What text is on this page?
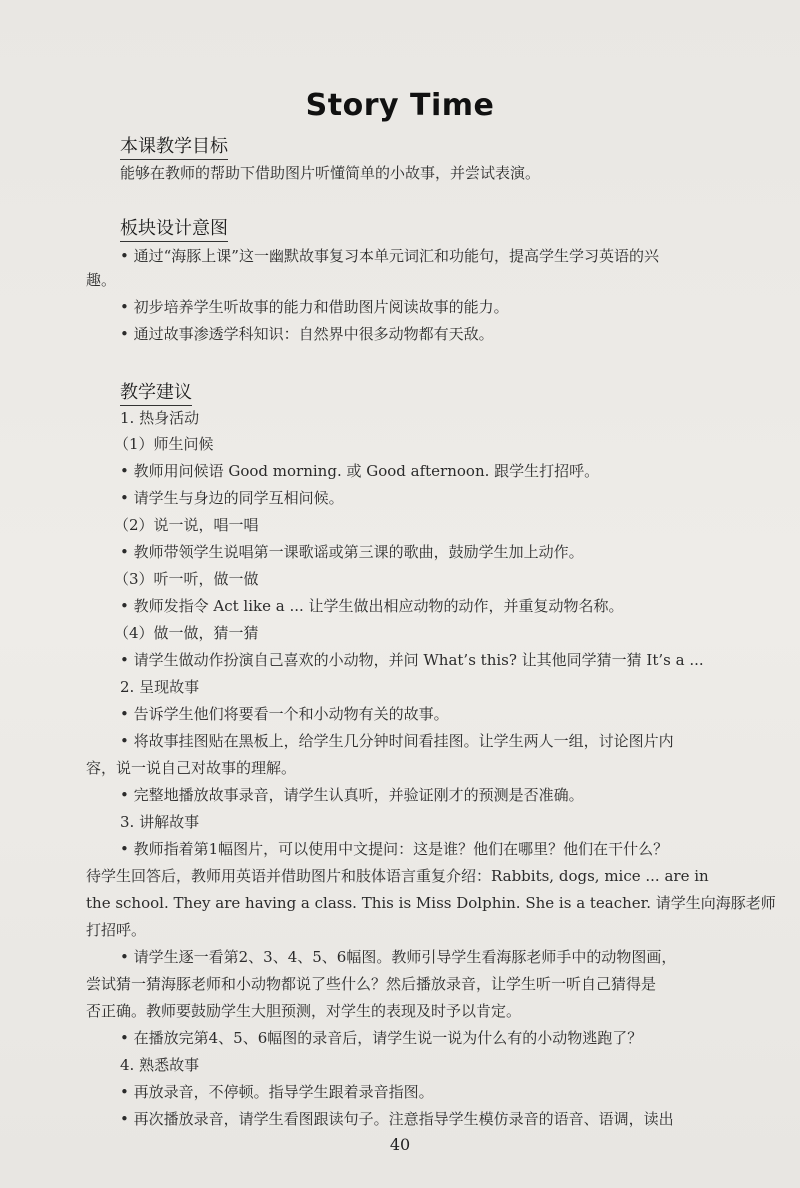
Story Time
本课教学目标
能够在教师的帮助下借助图片听懂简单的小故事，并尝试表演。
板块设计意图
• 通过“海豚上课”这一幽默故事复习本单元词汇和功能句，提高学生学习英语的兴
趣。
• 初步培养学生听故事的能力和借助图片阅读故事的能力。
• 通过故事渗透学科知识：自然界中很多动物都有天敌。
教学建议
1. 热身活动
（1）师生问候
• 教师用问候语 Good morning. 或 Good afternoon. 跟学生打招呼。
• 请学生与身边的同学互相问候。
（2）说一说，唱一唱
• 教师带领学生说唱第一课歌谣或第三课的歌曲，鼓励学生加上动作。
（3）听一听，做一做
• 教师发指令 Act like a ... 让学生做出相应动物的动作，并重复动物名称。
（4）做一做，猜一猜
• 请学生做动作扮演自己喜欢的小动物，并问 What’s this? 让其他同学猜一猜 It’s a ...
2. 呈现故事
• 告诉学生他们将要看一个和小动物有关的故事。
• 将故事挂图贴在黑板上，给学生几分钟时间看挂图。让学生两人一组，讨论图片内
容，说一说自己对故事的理解。
• 完整地播放故事录音，请学生认真听，并验证刚才的预测是否准确。
3. 讲解故事
• 教师指着第1幅图片，可以使用中文提问：这是谁？他们在哪里？他们在干什么？
待学生回答后，教师用英语并借助图片和肢体语言重复介绍：Rabbits, dogs, mice ... are in
the school. They are having a class. This is Miss Dolphin. She is a teacher. 请学生向海豚老师
打招呼。
• 请学生逐一看第2、3、4、5、6幅图。教师引导学生看海豚老师手中的动物图画，
尝试猜一猜海豚老师和小动物都说了些什么？然后播放录音，让学生听一听自己猜得是
否正确。教师要鼓励学生大胆预测，对学生的表现及时予以肯定。
• 在播放完第4、5、6幅图的录音后，请学生说一说为什么有的小动物逃跑了？
4. 熟悉故事
• 再放录音，不停顿。指导学生跟着录音指图。
• 再次播放录音，请学生看图跟读句子。注意指导学生模仿录音的语音、语调，读出
40
